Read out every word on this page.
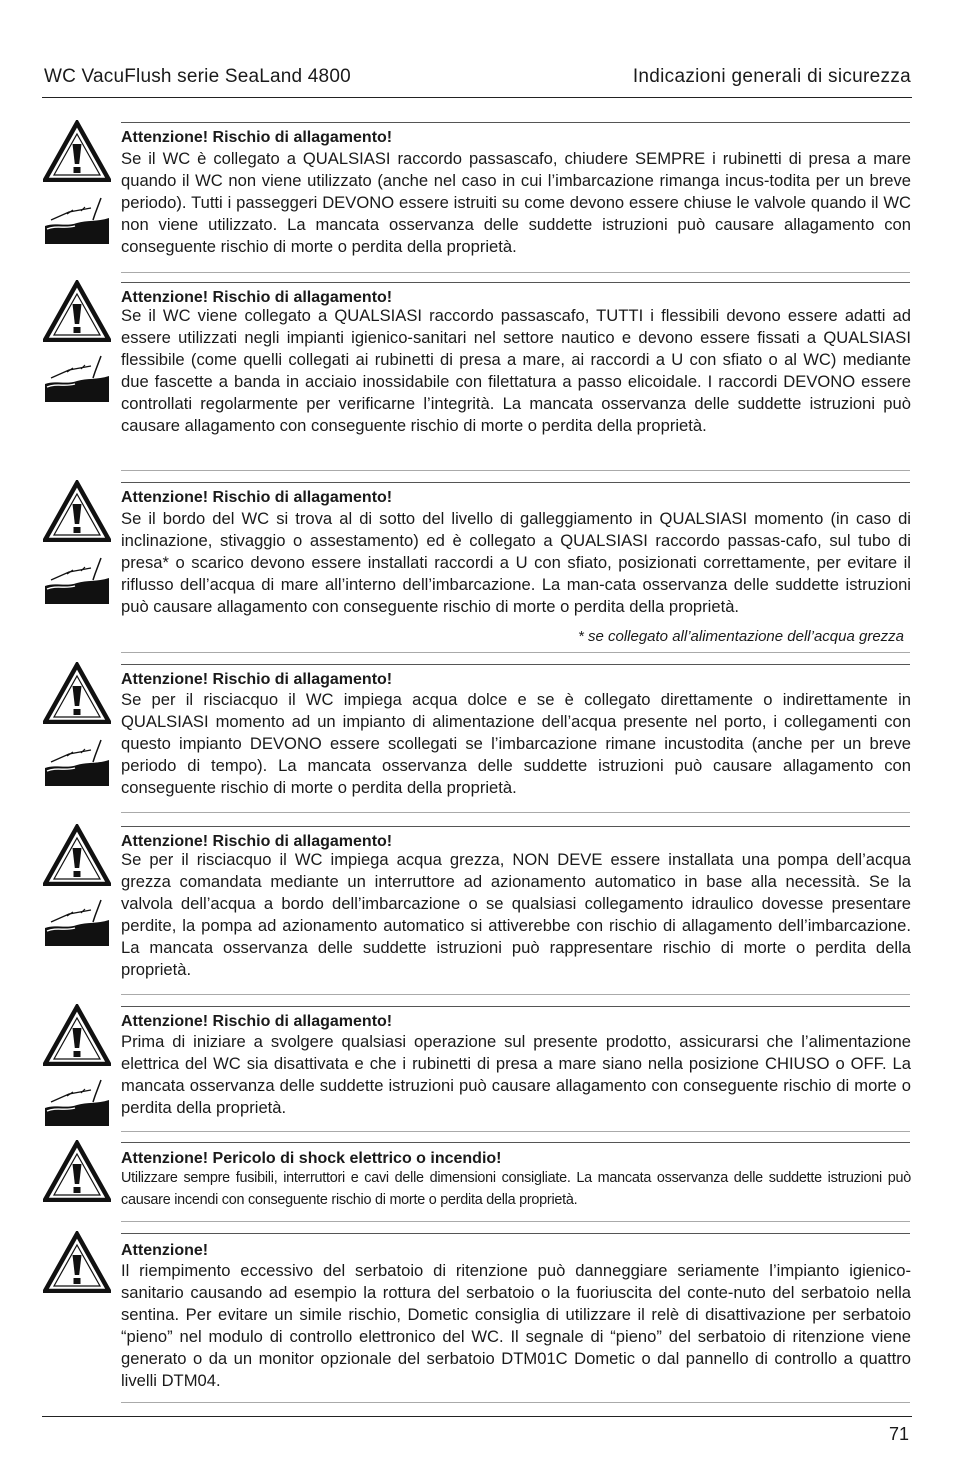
WC VacuFlush serie SeaLand 4800	Indicazioni generali di sicurezza
Attenzione! Rischio di allagamento!
Se il WC è collegato a QUALSIASI raccordo passascafo, chiudere SEMPRE i rubinetti di presa a mare quando il WC non viene utilizzato (anche nel caso in cui l’imbarcazione rimanga incus-todita per un breve periodo). Tutti i passeggeri DEVONO essere istruiti su come devono essere chiuse le valvole quando il WC non viene utilizzato. La mancata osservanza delle suddette istruzioni può causare allagamento con conseguente rischio di morte o perdita della proprietà.
Attenzione! Rischio di allagamento!
Se il WC viene collegato a QUALSIASI raccordo passascafo, TUTTI i flessibili devono essere adatti ad essere utilizzati negli impianti igienico-sanitari nel settore nautico e devono essere fissati a QUALSIASI flessibile (come quelli collegati ai rubinetti di presa a mare, ai raccordi a U con sfiato o al WC) mediante due fascette a banda in acciaio inossidabile con filettatura a passo elicoidale. I raccordi DEVONO essere controllati regolarmente per verificarne l’integrità. La mancata osservanza delle suddette istruzioni può causare allagamento con conseguente rischio di morte o perdita della proprietà.
Attenzione! Rischio di allagamento!
Se il bordo del WC si trova al di sotto del livello di galleggiamento in QUALSIASI momento (in caso di inclinazione, stivaggio o assestamento) ed è collegato a QUALSIASI raccordo passas-cafo, sul tubo di presa* o scarico devono essere installati raccordi a U con sfiato, posizionati correttamente, per evitare il riflusso dell’acqua di mare all’interno dell’imbarcazione. La man-cata osservanza delle suddette istruzioni può causare allagamento con conseguente rischio di morte o perdita della proprietà.
* se collegato all’alimentazione dell’acqua grezza
Attenzione! Rischio di allagamento!
Se per il risciacquo il WC impiega acqua dolce e se è collegato direttamente o indirettamente in QUALSIASI momento ad un impianto di alimentazione dell’acqua presente nel porto, i collegamenti con questo impianto DEVONO essere scollegati se l’imbarcazione rimane incustodita (anche per un breve periodo di tempo). La mancata osservanza delle suddette istruzioni può causare allagamento con conseguente rischio di morte o perdita della proprietà.
Attenzione! Rischio di allagamento!
Se per il risciacquo il WC impiega acqua grezza, NON DEVE essere installata una pompa dell’acqua grezza comandata mediante un interruttore ad azionamento automatico in base alla necessità. Se la valvola dell’acqua a bordo dell’imbarcazione o se qualsiasi collegamento idraulico dovesse presentare perdite, la pompa ad azionamento automatico si attiverebbe con rischio di allagamento dell’imbarcazione. La mancata osservanza delle suddette istruzioni può rappresentare rischio di morte o perdita della proprietà.
Attenzione! Rischio di allagamento!
Prima di iniziare a svolgere qualsiasi operazione sul presente prodotto, assicurarsi che l’alimentazione elettrica del WC sia disattivata e che i rubinetti di presa a mare siano nella posizione CHIUSO o OFF. La mancata osservanza delle suddette istruzioni può causare allagamento con conseguente rischio di morte o perdita della proprietà.
Attenzione! Pericolo di shock elettrico o incendio!
Utilizzare sempre fusibili, interruttori e cavi delle dimensioni consigliate. La mancata osservanza delle suddette istruzioni può causare incendi con conseguente rischio di morte o perdita della proprietà.
Attenzione!
Il riempimento eccessivo del serbatoio di ritenzione può danneggiare seriamente l’impianto igienico-sanitario causando ad esempio la rottura del serbatoio o la fuoriuscita del conte-nuto del serbatoio nella sentina. Per evitare un simile rischio, Dometic consiglia di utilizzare il relè di disattivazione per serbatoio “pieno” nel modulo di controllo elettronico del WC. Il segnale di “pieno” del serbatoio di ritenzione viene generato o da un monitor opzionale del serbatoio DTM01C Dometic o dal pannello di controllo a quattro livelli DTM04.
71
